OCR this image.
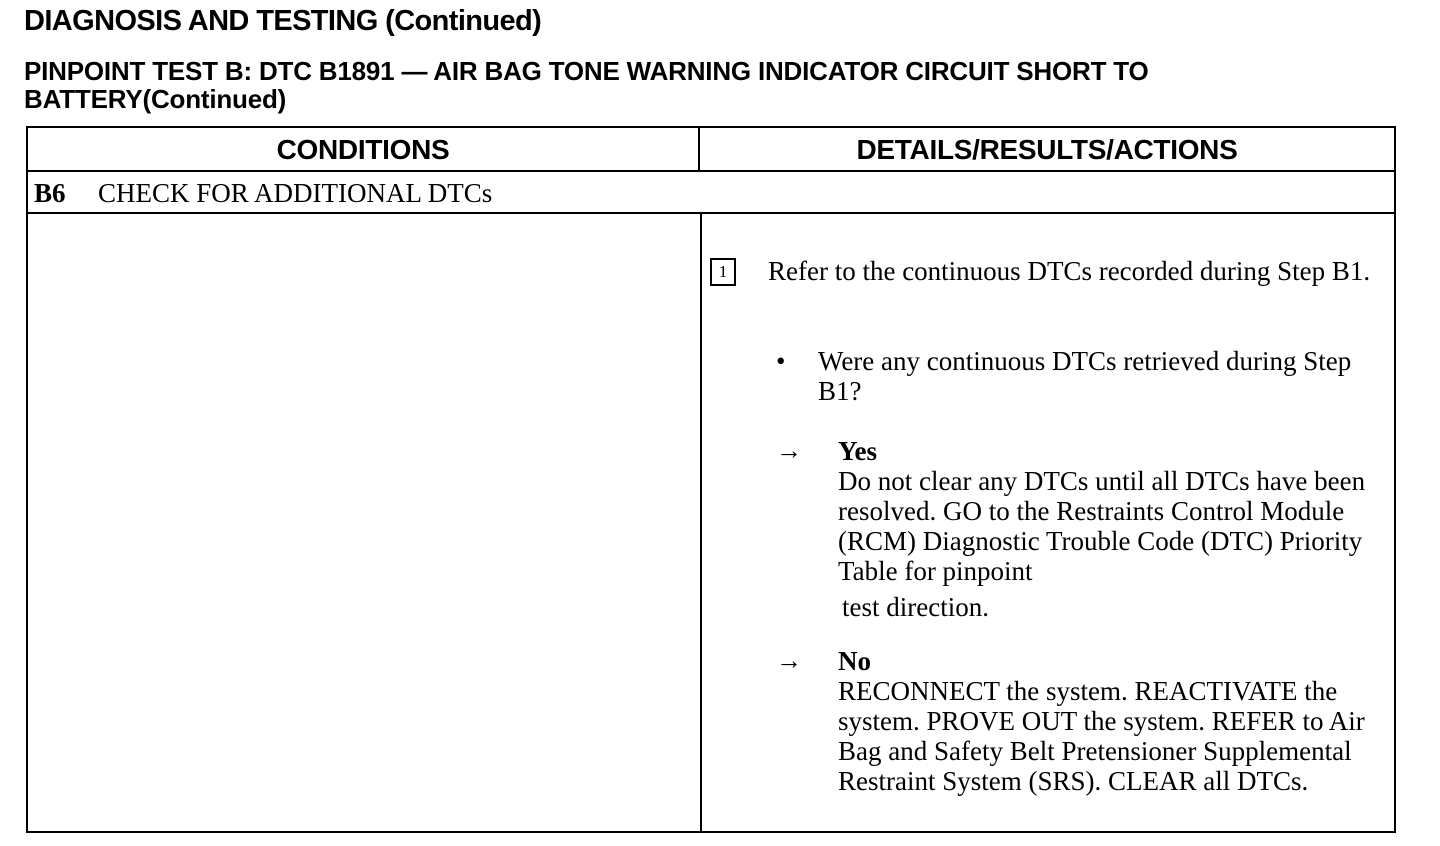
DIAGNOSIS AND TESTING (Continued)
PINPOINT TEST B: DTC B1891 — AIR BAG TONE WARNING INDICATOR CIRCUIT SHORT TO
BATTERY(Continued)
CONDITIONS	DETAILS/RESULTS/ACTIONS
B6 CHECK FOR ADDITIONAL DTCs
1	Refer to the continuous DTCs recorded during Step B1.
• Were any continuous DTCs retrieved during Step B1?
→ Yes
Do not clear any DTCs until all DTCs have been resolved. GO to the Restraints Control Module (RCM) Diagnostic Trouble Code (DTC) Priority Table for pinpoint
test direction.
→ No
RECONNECT the system. REACTIVATE the system. PROVE OUT the system. REFER to Air Bag and Safety Belt Pretensioner Supplemental Restraint System (SRS). CLEAR all DTCs.
